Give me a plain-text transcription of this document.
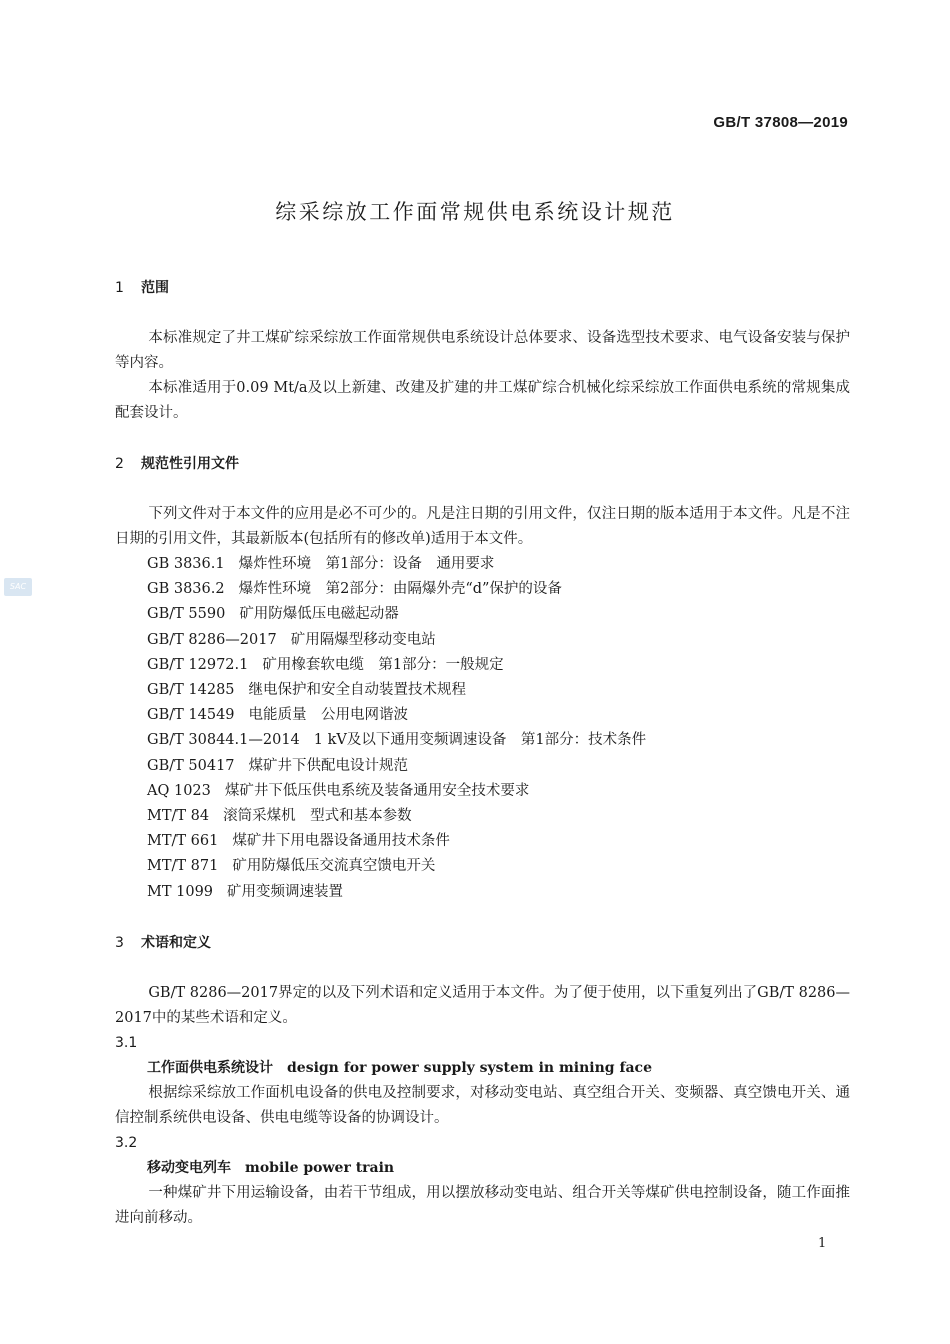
GB/T 37808—2019
综采综放工作面常规供电系统设计规范
SAC
1 范围

本标准规定了井工煤矿综采综放工作面常规供电系统设计总体要求、设备选型技术要求、电气设备安装与保护等内容。

本标准适用于0.09 Mt/a及以上新建、改建及扩建的井工煤矿综合机械化综采综放工作面供电系统的常规集成配套设计。

2 规范性引用文件

下列文件对于本文件的应用是必不可少的。凡是注日期的引用文件，仅注日期的版本适用于本文件。凡是不注日期的引用文件，其最新版本(包括所有的修改单)适用于本文件。

GB 3836.1 爆炸性环境　第1部分：设备　通用要求
GB 3836.2 爆炸性环境　第2部分：由隔爆外壳“d”保护的设备
GB/T 5590 矿用防爆低压电磁起动器
GB/T 8286—2017 矿用隔爆型移动变电站
GB/T 12972.1 矿用橡套软电缆　第1部分：一般规定
GB/T 14285 继电保护和安全自动装置技术规程
GB/T 14549 电能质量　公用电网谐波
GB/T 30844.1—2014 1 kV及以下通用变频调速设备　第1部分：技术条件
GB/T 50417 煤矿井下供配电设计规范
AQ 1023 煤矿井下低压供电系统及装备通用安全技术要求
MT/T 84 滚筒采煤机　型式和基本参数
MT/T 661 煤矿井下用电器设备通用技术条件
MT/T 871 矿用防爆低压交流真空馈电开关
MT 1099 矿用变频调速装置
3 术语和定义

GB/T 8286—2017界定的以及下列术语和定义适用于本文件。为了便于使用，以下重复列出了GB/T 8286—2017中的某些术语和定义。

3.1

工作面供电系统设计 design for power supply system in mining face

根据综采综放工作面机电设备的供电及控制要求，对移动变电站、真空组合开关、变频器、真空馈电开关、通信控制系统供电设备、供电电缆等设备的协调设计。

3.2

移动变电列车 mobile power train

一种煤矿井下用运输设备，由若干节组成，用以摆放移动变电站、组合开关等煤矿供电控制设备，随工作面推进向前移动。

1
